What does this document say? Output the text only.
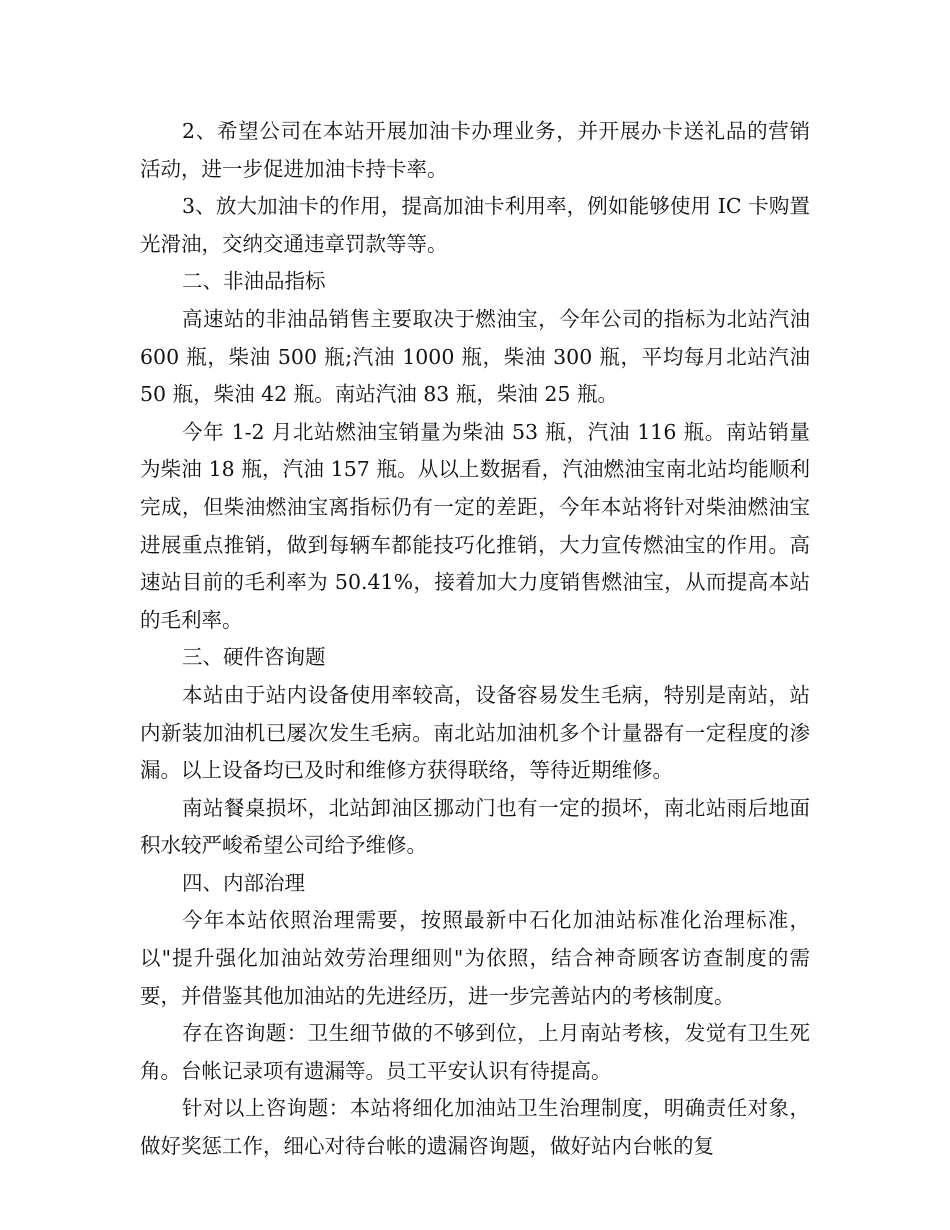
2、希望公司在本站开展加油卡办理业务，并开展办卡送礼品的营销活动，进一步促进加油卡持卡率。

3、放大加油卡的作用，提高加油卡利用率，例如能够使用 IC 卡购置光滑油，交纳交通违章罚款等等。

二、非油品指标

高速站的非油品销售主要取决于燃油宝，今年公司的指标为北站汽油 600 瓶，柴油 500 瓶;汽油 1000 瓶，柴油 300 瓶，平均每月北站汽油 50 瓶，柴油 42 瓶。南站汽油 83 瓶，柴油 25 瓶。

今年 1-2 月北站燃油宝销量为柴油 53 瓶，汽油 116 瓶。南站销量为柴油 18 瓶，汽油 157 瓶。从以上数据看，汽油燃油宝南北站均能顺利完成，但柴油燃油宝离指标仍有一定的差距，今年本站将针对柴油燃油宝进展重点推销，做到每辆车都能技巧化推销，大力宣传燃油宝的作用。高速站目前的毛利率为 50.41%，接着加大力度销售燃油宝，从而提高本站的毛利率。

三、硬件咨询题

本站由于站内设备使用率较高，设备容易发生毛病，特别是南站，站内新装加油机已屡次发生毛病。南北站加油机多个计量器有一定程度的渗漏。以上设备均已及时和维修方获得联络，等待近期维修。

南站餐桌损坏，北站卸油区挪动门也有一定的损坏，南北站雨后地面积水较严峻希望公司给予维修。

四、内部治理

今年本站依照治理需要，按照最新中石化加油站标准化治理标准，以"提升强化加油站效劳治理细则"为依照，结合神奇顾客访查制度的需要，并借鉴其他加油站的先进经历，进一步完善站内的考核制度。

存在咨询题：卫生细节做的不够到位，上月南站考核，发觉有卫生死角。台帐记录项有遗漏等。员工平安认识有待提高。

针对以上咨询题：本站将细化加油站卫生治理制度，明确责任对象，做好奖惩工作，细心对待台帐的遗漏咨询题，做好站内台帐的复
